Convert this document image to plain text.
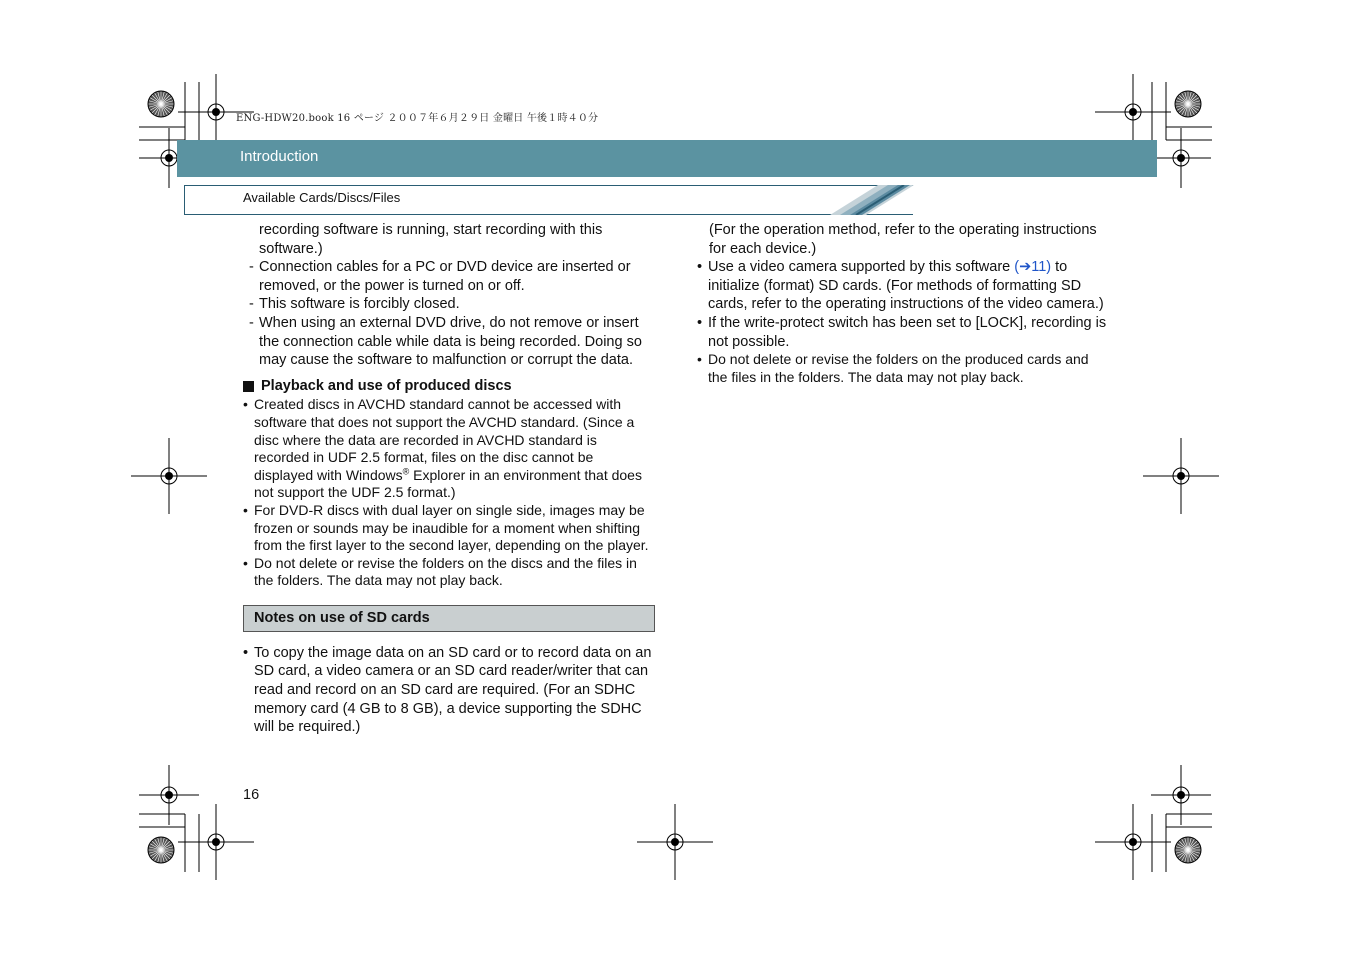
ENG-HDW20.book 16 ページ ２００７年６月２９日 金曜日 午後１時４０分
Introduction
Available Cards/Discs/Files
recording software is running, start recording with this software.)
- Connection cables for a PC or DVD device are inserted or removed, or the power is turned on or off.
- This software is forcibly closed.
- When using an external DVD drive, do not remove or insert the connection cable while data is being recorded. Doing so may cause the software to malfunction or corrupt the data.
Playback and use of produced discs
• Created discs in AVCHD standard cannot be accessed with software that does not support the AVCHD standard. (Since a disc where the data are recorded in AVCHD standard is recorded in UDF 2.5 format, files on the disc cannot be displayed with Windows® Explorer in an environment that does not support the UDF 2.5 format.)
• For DVD-R discs with dual layer on single side, images may be frozen or sounds may be inaudible for a moment when shifting from the first layer to the second layer, depending on the player.
• Do not delete or revise the folders on the discs and the files in the folders. The data may not play back.
Notes on use of SD cards
• To copy the image data on an SD card or to record data on an SD card, a video camera or an SD card reader/writer that can read and record on an SD card are required. (For an SDHC memory card (4 GB to 8 GB), a device supporting the SDHC will be required.)
(For the operation method, refer to the operating instructions for each device.)
• Use a video camera supported by this software (➔11) to initialize (format) SD cards. (For methods of formatting SD cards, refer to the operating instructions of the video camera.)
• If the write-protect switch has been set to [LOCK], recording is not possible.
• Do not delete or revise the folders on the produced cards and the files in the folders. The data may not play back.
16
